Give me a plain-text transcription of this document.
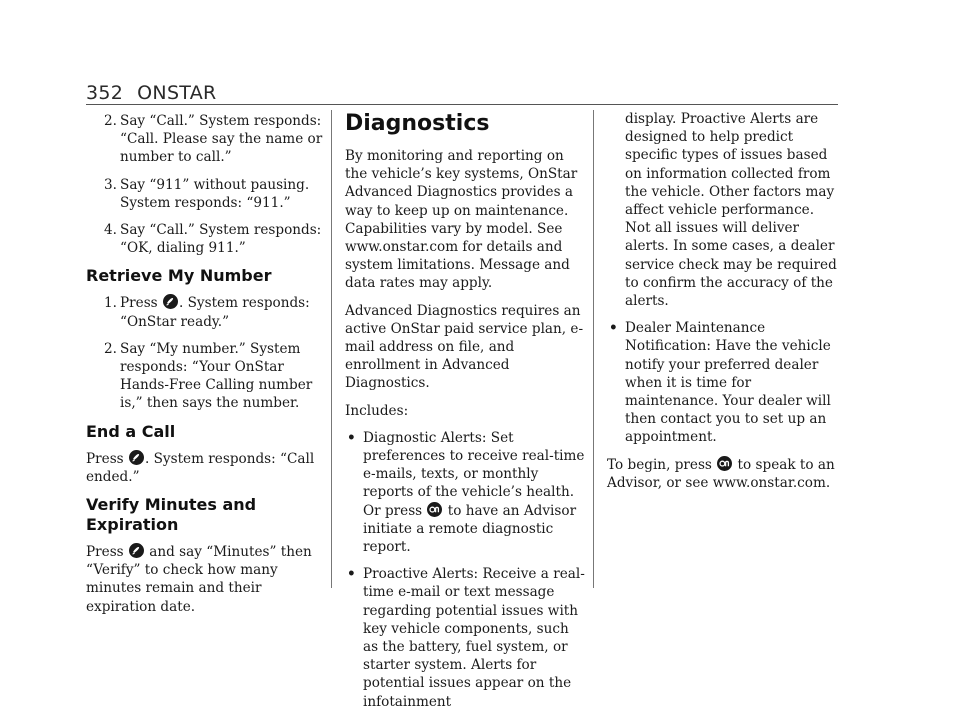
352 ONSTAR
2. Say “Call.” System responds: “Call. Please say the name or number to call.”
3. Say “911” without pausing. System responds: “911.”
4. Say “Call.” System responds: “OK, dialing 911.”
Retrieve My Number
1. Press
. System responds: “OnStar ready.”
2. Say “My number.” System responds: “Your OnStar Hands-Free Calling number is,” then says the number.
End a Call

Press
. System responds: “Call ended.”

Verify Minutes and Expiration

Press
and say “Minutes” then “Verify” to check how many minutes remain and their expiration date.

Diagnostics

By monitoring and reporting on the vehicle’s key systems, OnStar Advanced Diagnostics provides a way to keep up on maintenance. Capabilities vary by model. See www.onstar.com for details and system limitations. Message and data rates may apply.

Advanced Diagnostics requires an active OnStar paid service plan, e-mail address on file, and enrollment in Advanced Diagnostics.

Includes:

• Diagnostic Alerts: Set preferences to receive real-time e-mails, texts, or monthly reports of the vehicle’s health. Or press
to have an Advisor initiate a remote diagnostic report.
• Proactive Alerts: Receive a real-time e-mail or text message regarding potential issues with key vehicle components, such as the battery, fuel system, or starter system. Alerts for potential issues appear on the infotainment

display. Proactive Alerts are designed to help predict specific types of issues based on information collected from the vehicle. Other factors may affect vehicle performance. Not all issues will deliver alerts. In some cases, a dealer service check may be required to confirm the accuracy of the alerts.

• Dealer Maintenance Notification: Have the vehicle notify your preferred dealer when it is time for maintenance. Your dealer will then contact you to set up an appointment.

To begin, press
to speak to an Advisor, or see www.onstar.com.
